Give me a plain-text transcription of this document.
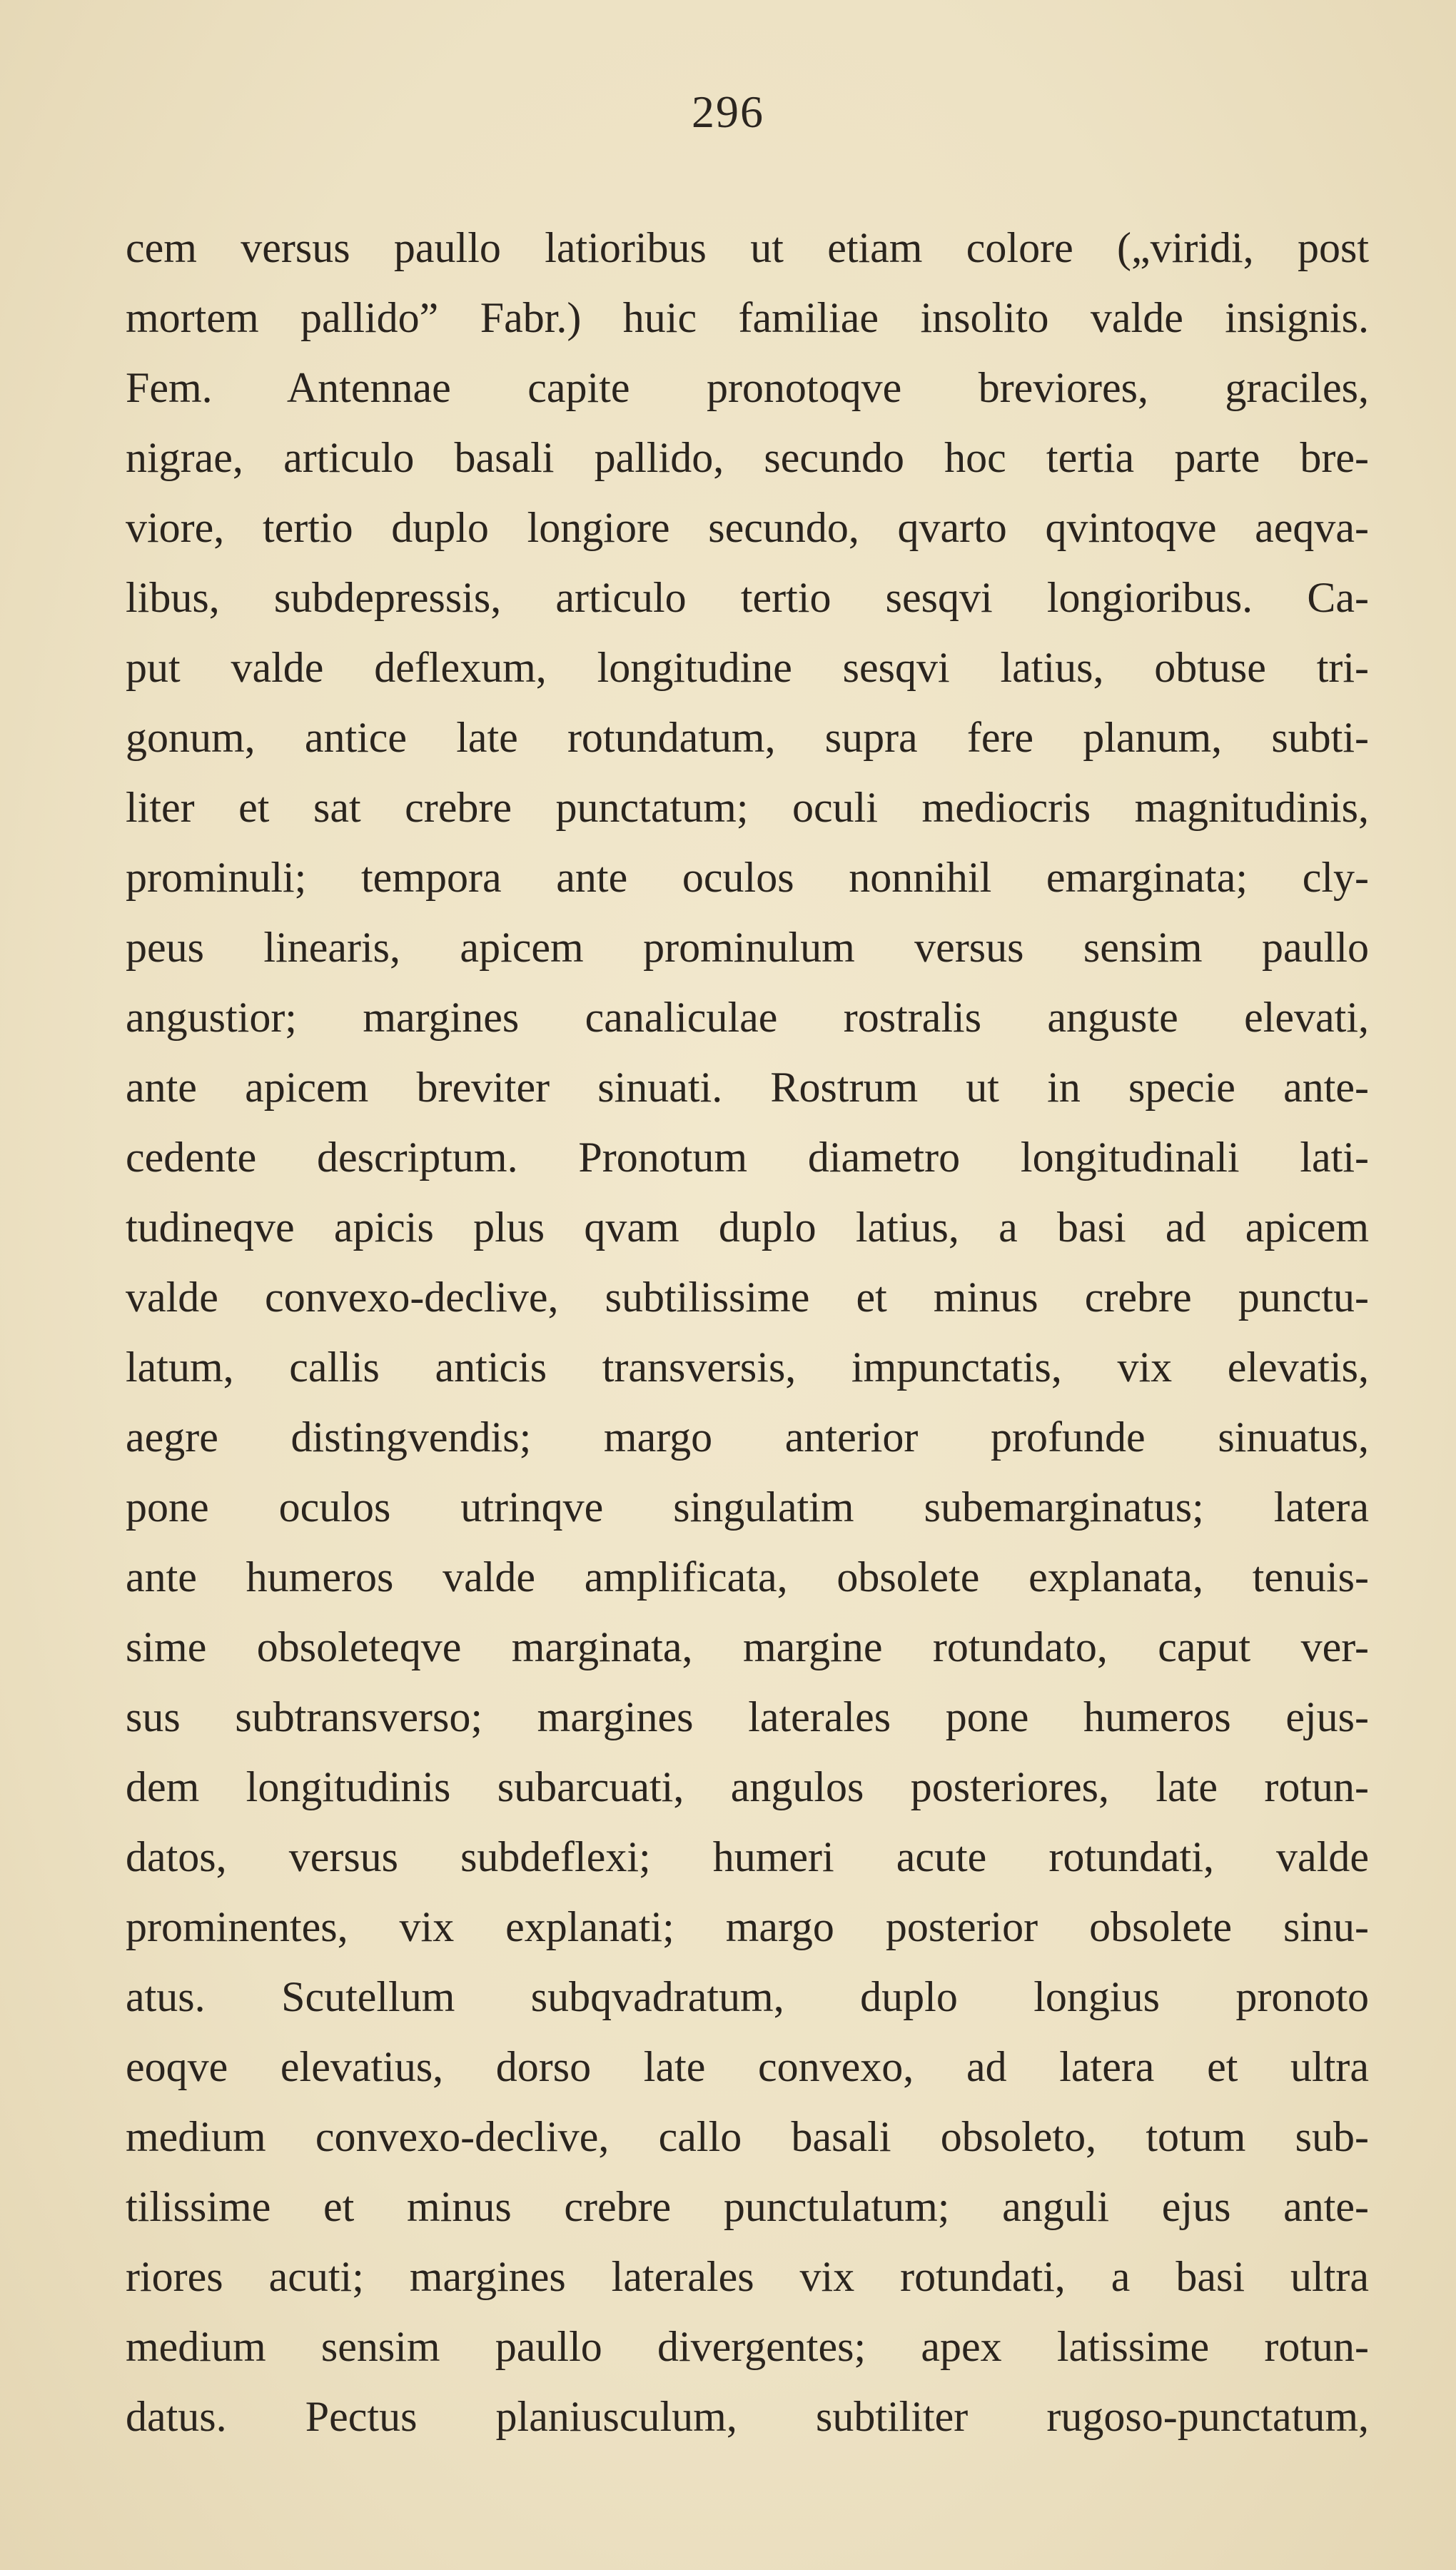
296
cem versus paullo latioribus ut etiam colore („viridi, post
mortem pallido” Fabr.) huic familiae insolito valde insignis.
Fem. Antennae capite pronotoqve breviores, graciles,
nigrae, articulo basali pallido, secundo hoc tertia parte bre-
viore, tertio duplo longiore secundo, qvarto qvintoqve aeqva-
libus, subdepressis, articulo tertio sesqvi longioribus. Ca-
put valde deflexum, longitudine sesqvi latius, obtuse tri-
gonum, antice late rotundatum, supra fere planum, subti-
liter et sat crebre punctatum; oculi mediocris magnitudinis,
prominuli; tempora ante oculos nonnihil emarginata; cly-
peus linearis, apicem prominulum versus sensim paullo
angustior; margines canaliculae rostralis anguste elevati,
ante apicem breviter sinuati. Rostrum ut in specie ante-
cedente descriptum. Pronotum diametro longitudinali lati-
tudineqve apicis plus qvam duplo latius, a basi ad apicem
valde convexo-declive, subtilissime et minus crebre punctu-
latum, callis anticis transversis, impunctatis, vix elevatis,
aegre distingvendis; margo anterior profunde sinuatus,
pone oculos utrinqve singulatim subemarginatus; latera
ante humeros valde amplificata, obsolete explanata, tenuis-
sime obsoleteqve marginata, margine rotundato, caput ver-
sus subtransverso; margines laterales pone humeros ejus-
dem longitudinis subarcuati, angulos posteriores, late rotun-
datos, versus subdeflexi; humeri acute rotundati, valde
prominentes, vix explanati; margo posterior obsolete sinu-
atus. Scutellum subqvadratum, duplo longius pronoto
eoqve elevatius, dorso late convexo, ad latera et ultra
medium convexo-declive, callo basali obsoleto, totum sub-
tilissime et minus crebre punctulatum; anguli ejus ante-
riores acuti; margines laterales vix rotundati, a basi ultra
medium sensim paullo divergentes; apex latissime rotun-
datus. Pectus planiusculum, subtiliter rugoso-punctatum,
